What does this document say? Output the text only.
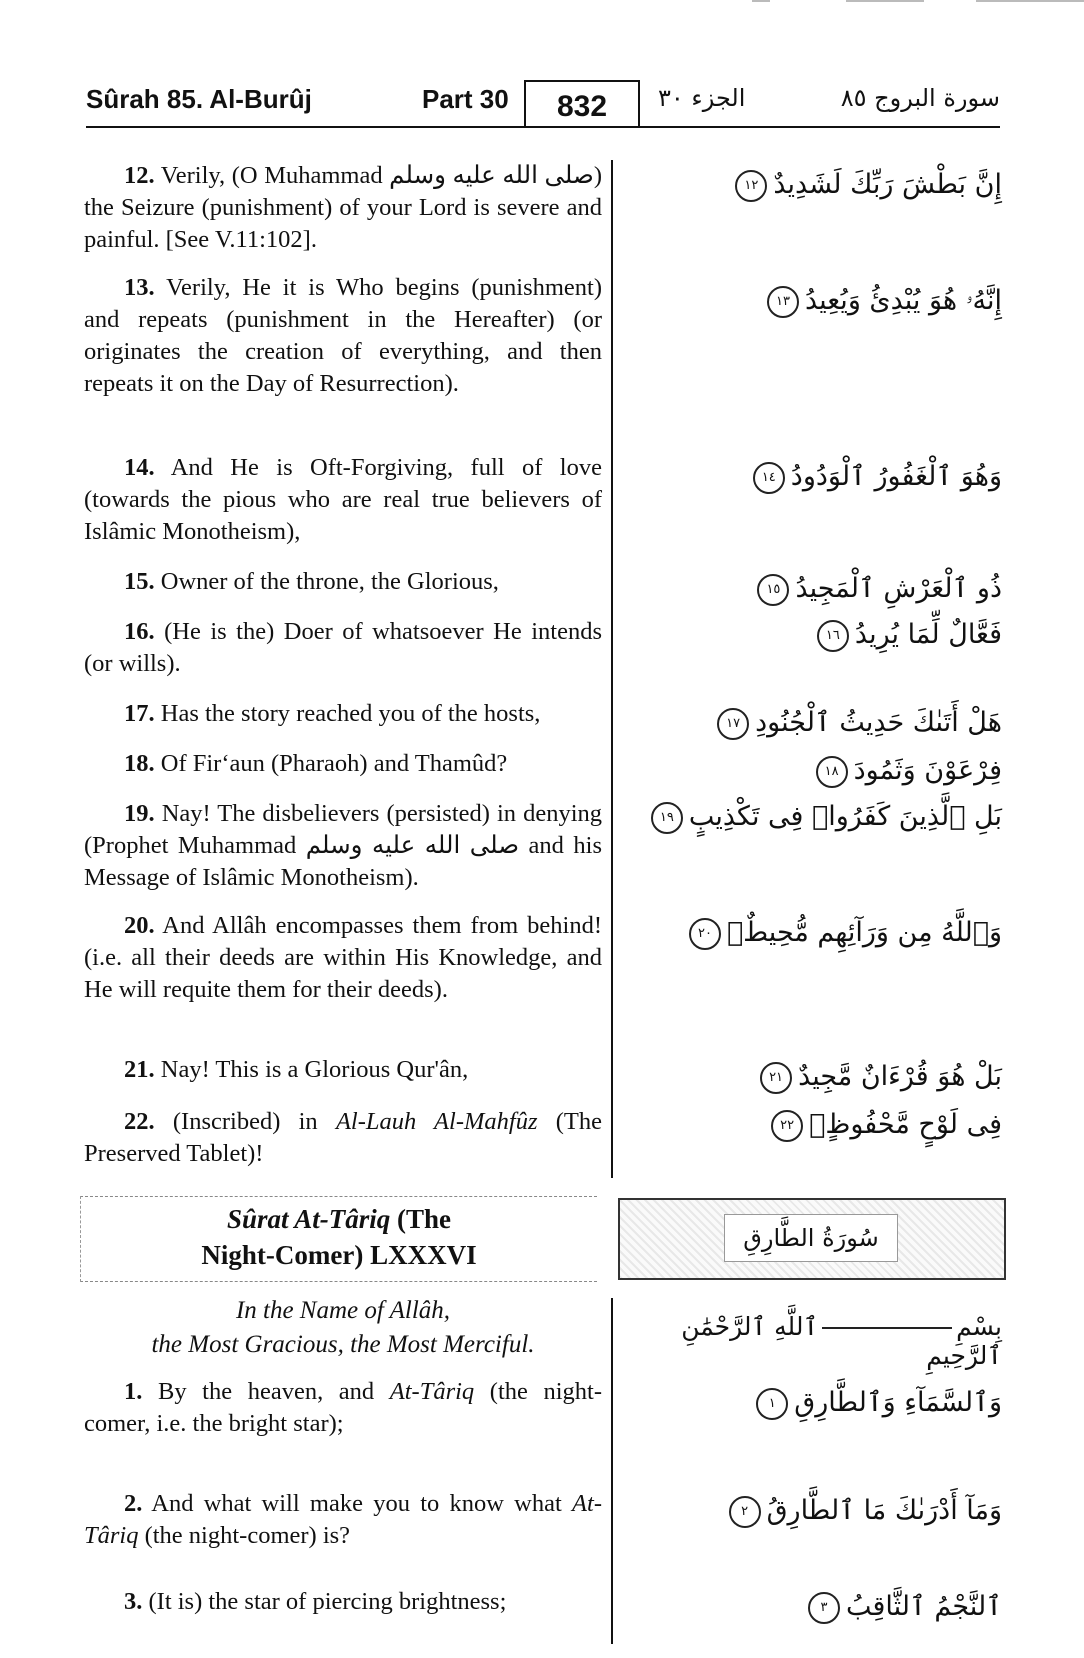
Sûrah 85. Al-Burûj	Part 30	832	الجزء ٣٠	سورة البروج ٨٥

12. Verily, (O Muhammad صلى الله عليه وسلم) the Seizure (punishment) of your Lord is severe and painful. [See V.11:102].

13. Verily, He it is Who begins (punishment) and repeats (punishment in the Hereafter) (or originates the creation of everything, and then repeats it on the Day of Resurrection).

14. And He is Oft-Forgiving, full of love (towards the pious who are real true believers of Islâmic Monotheism),

15. Owner of the throne, the Glorious,

16. (He is the) Doer of whatsoever He intends (or wills).

17. Has the story reached you of the hosts,

18. Of Fir‘aun (Pharaoh) and Thamûd?

19. Nay! The disbelievers (persisted) in denying (Prophet Muhammad صلى الله عليه وسلم and his Message of Islâmic Monotheism).

20. And Allâh encompasses them from behind! (i.e. all their deeds are within His Knowledge, and He will requite them for their deeds).

21. Nay! This is a Glorious Qur'ân,

22. (Inscribed) in Al-Lauh Al-Mahfûz (The Preserved Tablet)!

إِنَّ بَطْشَ رَبِّكَ لَشَدِيدٌ١٢
إِنَّهُۥ هُوَ يُبْدِئُ وَيُعِيدُ١٣
وَهُوَ ٱلْغَفُورُ ٱلْوَدُودُ١٤
ذُو ٱلْعَرْشِ ٱلْمَجِيدُ١٥
فَعَّالٌ لِّمَا يُرِيدُ١٦
هَلْ أَتَىٰكَ حَدِيثُ ٱلْجُنُودِ١٧
فِرْعَوْنَ وَثَمُودَ١٨
بَلِ ٱلَّذِينَ كَفَرُوا۟ فِى تَكْذِيبٍ١٩
وَٱللَّهُ مِن وَرَآئِهِم مُّحِيطٌۢ٢٠
بَلْ هُوَ قُرْءَانٌ مَّجِيدٌ٢١
فِى لَوْحٍ مَّحْفُوظٍۭ٢٢
Sûrat At-Târiq (The
Night-Comer) LXXXVI
سُورَةُ الطَّارِقِ
In the Name of Allâh,
the Most Gracious, the Most Merciful.
بِسْمِٱللَّهِ ٱلرَّحْمَٰنِ ٱلرَّحِيمِ

1. By the heaven, and At-Târiq (the night-comer, i.e. the bright star);

2. And what will make you to know what At-Târiq (the night-comer) is?

3. (It is) the star of piercing brightness;

وَٱلسَّمَآءِ وَٱلطَّارِقِ١
وَمَآ أَدْرَىٰكَ مَا ٱلطَّارِقُ٢
ٱلنَّجْمُ ٱلثَّاقِبُ٣
